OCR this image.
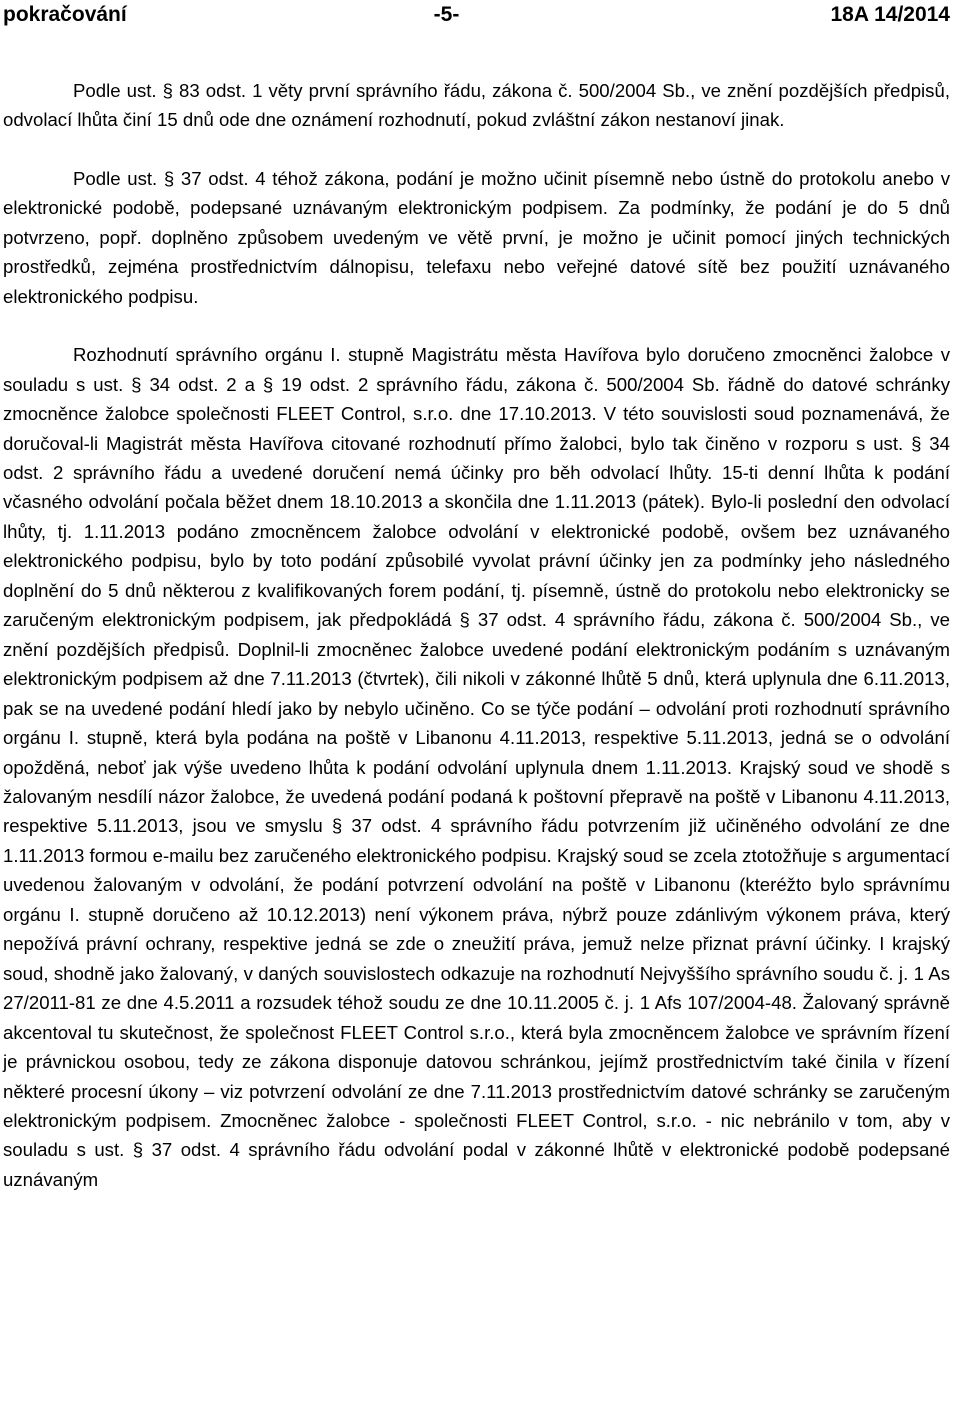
pokračování	-5-	18A 14/2014

Podle ust. § 83 odst. 1 věty první správního řádu, zákona č. 500/2004 Sb., ve znění pozdějších předpisů, odvolací lhůta činí 15 dnů ode dne oznámení rozhodnutí, pokud zvláštní zákon nestanoví jinak.

Podle ust. § 37 odst. 4 téhož zákona, podání je možno učinit písemně nebo ústně do protokolu anebo v elektronické podobě, podepsané uznávaným elektronickým podpisem. Za podmínky, že podání je do 5 dnů potvrzeno, popř. doplněno způsobem uvedeným ve větě první, je možno je učinit pomocí jiných technických prostředků, zejména prostřednictvím dálnopisu, telefaxu nebo veřejné datové sítě bez použití uznávaného elektronického podpisu.

Rozhodnutí správního orgánu I. stupně Magistrátu města Havířova bylo doručeno zmocněnci žalobce v souladu s ust. § 34 odst. 2 a § 19 odst. 2 správního řádu, zákona č. 500/2004 Sb. řádně do datové schránky zmocněnce žalobce společnosti FLEET Control, s.r.o. dne 17.10.2013. V této souvislosti soud poznamenává, že doručoval-li Magistrát města Havířova citované rozhodnutí přímo žalobci, bylo tak činěno v rozporu s ust. § 34 odst. 2 správního řádu a uvedené doručení nemá účinky pro běh odvolací lhůty. 15-ti denní lhůta k podání včasného odvolání počala běžet dnem 18.10.2013 a skončila dne 1.11.2013 (pátek). Bylo-li poslední den odvolací lhůty, tj. 1.11.2013 podáno zmocněncem žalobce odvolání v elektronické podobě, ovšem bez uznávaného elektronického podpisu, bylo by toto podání způsobilé vyvolat právní účinky jen za podmínky jeho následného doplnění do 5 dnů některou z kvalifikovaných forem podání, tj. písemně, ústně do protokolu nebo elektronicky se zaručeným elektronickým podpisem, jak předpokládá § 37 odst. 4 správního řádu, zákona č. 500/2004 Sb., ve znění pozdějších předpisů. Doplnil-li zmocněnec žalobce uvedené podání elektronickým podáním s uznávaným elektronickým podpisem až dne 7.11.2013 (čtvrtek), čili nikoli v zákonné lhůtě 5 dnů, která uplynula dne 6.11.2013, pak se na uvedené podání hledí jako by nebylo učiněno. Co se týče podání – odvolání proti rozhodnutí správního orgánu I. stupně, která byla podána na poště v Libanonu 4.11.2013, respektive 5.11.2013, jedná se o odvolání opožděná, neboť jak výše uvedeno lhůta k podání odvolání uplynula dnem 1.11.2013. Krajský soud ve shodě s žalovaným nesdílí názor žalobce, že uvedená podání podaná k poštovní přepravě na poště v Libanonu 4.11.2013, respektive 5.11.2013, jsou ve smyslu § 37 odst. 4 správního řádu potvrzením již učiněného odvolání ze dne 1.11.2013 formou e-mailu bez zaručeného elektronického podpisu. Krajský soud se zcela ztotožňuje s argumentací uvedenou žalovaným v odvolání, že podání potvrzení odvolání na poště v Libanonu (kteréžto bylo správnímu orgánu I. stupně doručeno až 10.12.2013) není výkonem práva, nýbrž pouze zdánlivým výkonem práva, který nepožívá právní ochrany, respektive jedná se zde o zneužití práva, jemuž nelze přiznat právní účinky. I krajský soud, shodně jako žalovaný, v daných souvislostech odkazuje na rozhodnutí Nejvyššího správního soudu č. j. 1 As 27/2011-81 ze dne 4.5.2011 a rozsudek téhož soudu ze dne 10.11.2005 č. j. 1 Afs 107/2004-48. Žalovaný správně akcentoval tu skutečnost, že společnost FLEET Control s.r.o., která byla zmocněncem žalobce ve správním řízení je právnickou osobou, tedy ze zákona disponuje datovou schránkou, jejímž prostřednictvím také činila v řízení některé procesní úkony – viz potvrzení odvolání ze dne 7.11.2013 prostřednictvím datové schránky se zaručeným elektronickým podpisem. Zmocněnec žalobce - společnosti FLEET Control, s.r.o. - nic nebránilo v tom, aby v souladu s ust. § 37 odst. 4 správního řádu odvolání podal v zákonné lhůtě v elektronické podobě podepsané uznávaným
